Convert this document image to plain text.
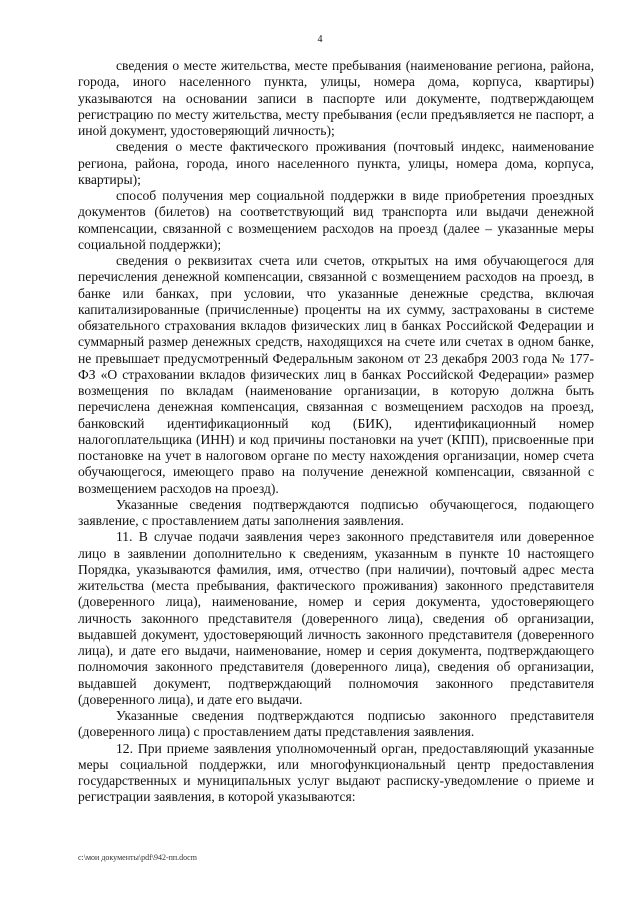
4

сведения о месте жительства, месте пребывания (наименование региона, района, города, иного населенного пункта, улицы, номера дома, корпуса, квартиры) указываются на основании записи в паспорте или документе, подтверждающем регистрацию по месту жительства, месту пребывания (если предъявляется не паспорт, а иной документ, удостоверяющий личность);

сведения о месте фактического проживания (почтовый индекс, наименование региона, района, города, иного населенного пункта, улицы, номера дома, корпуса, квартиры);

способ получения мер социальной поддержки в виде приобретения проездных документов (билетов) на соответствующий вид транспорта или выдачи денежной компенсации, связанной с возмещением расходов на проезд (далее – указанные меры социальной поддержки);

сведения о реквизитах счета или счетов, открытых на имя обучающегося для перечисления денежной компенсации, связанной с возмещением расходов на проезд, в банке или банках, при условии, что указанные денежные средства, включая капитализированные (причисленные) проценты на их сумму, застрахованы в системе обязательного страхования вкладов физических лиц в банках Российской Федерации и суммарный размер денежных средств, находящихся на счете или счетах в одном банке, не превышает предусмотренный Федеральным законом от 23 декабря 2003 года № 177-ФЗ «О страховании вкладов физических лиц в банках Российской Федерации» размер возмещения по вкладам (наименование организации, в которую должна быть перечислена денежная компенсация, связанная с возмещением расходов на проезд, банковский идентификационный код (БИК), идентификационный номер налогоплательщика (ИНН) и код причины постановки на учет (КПП), присвоенные при постановке на учет в налоговом органе по месту нахождения организации, номер счета обучающегося, имеющего право на получение денежной компенсации, связанной с возмещением расходов на проезд).

Указанные сведения подтверждаются подписью обучающегося, подающего заявление, с проставлением даты заполнения заявления.

11. В случае подачи заявления через законного представителя или доверенное лицо в заявлении дополнительно к сведениям, указанным в пункте 10 настоящего Порядка, указываются фамилия, имя, отчество (при наличии), почтовый адрес места жительства (места пребывания, фактического проживания) законного представителя (доверенного лица), наименование, номер и серия документа, удостоверяющего личность законного представителя (доверенного лица), сведения об организации, выдавшей документ, удостоверяющий личность законного представителя (доверенного лица), и дате его выдачи, наименование, номер и серия документа, подтверждающего полномочия законного представителя (доверенного лица), сведения об организации, выдавшей документ, подтверждающий полномочия законного представителя (доверенного лица), и дате его выдачи.

Указанные сведения подтверждаются подписью законного представителя (доверенного лица) с проставлением даты представления заявления.

12. При приеме заявления уполномоченный орган, предоставляющий указанные меры социальной поддержки, или многофункциональный центр предоставления государственных и муниципальных услуг выдают расписку-уведомление о приеме и регистрации заявления, в которой указываются:

c:\мои документы\pdf\942-пп.docm
